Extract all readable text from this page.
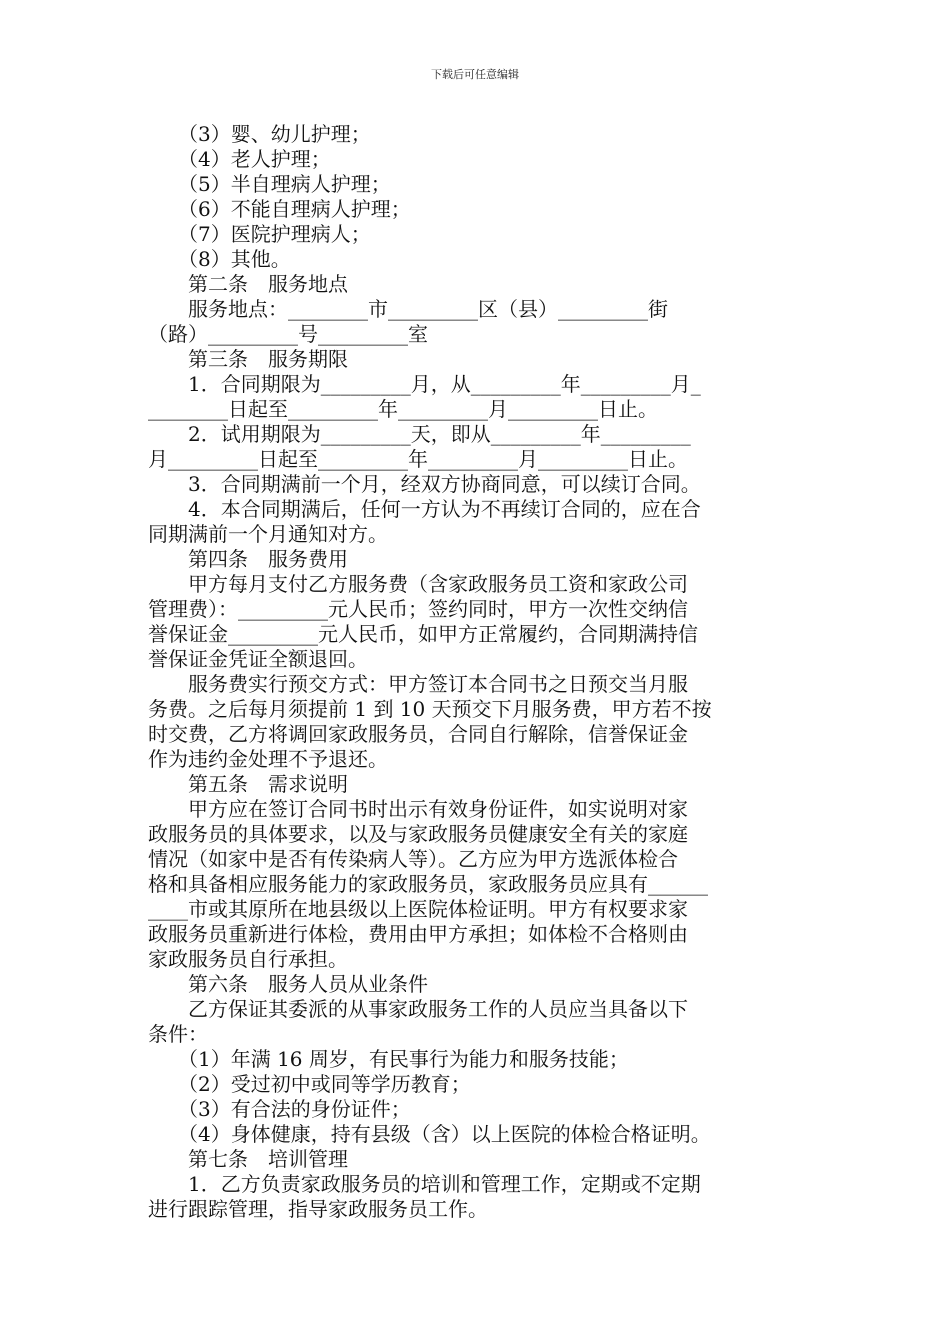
下载后可任意编辑
　　（3）婴、幼儿护理；
　　（4）老人护理；
　　（5）半自理病人护理；
　　（6）不能自理病人护理；
　　（7）医院护理病人；
　　（8）其他。
　　第二条　服务地点
　　服务地点：________市_________区（县）_________街
（路）_________号_________室
　　第三条　服务期限
　　1．合同期限为_________月，从_________年_________月_
________日起至_________年_________月_________日止。
　　2．试用期限为_________天，即从_________年_________
月_________日起至_________年_________月_________日止。
　　3．合同期满前一个月，经双方协商同意，可以续订合同。
　　4．本合同期满后，任何一方认为不再续订合同的，应在合
同期满前一个月通知对方。
　　第四条　服务费用
　　甲方每月支付乙方服务费（含家政服务员工资和家政公司
管理费）：_________元人民币；签约同时，甲方一次性交纳信
誉保证金_________元人民币，如甲方正常履约，合同期满持信
誉保证金凭证全额退回。
　　服务费实行预交方式：甲方签订本合同书之日预交当月服
务费。之后每月须提前 1 到 10 天预交下月服务费，甲方若不按
时交费，乙方将调回家政服务员，合同自行解除，信誉保证金
作为违约金处理不予退还。
　　第五条　需求说明
　　甲方应在签订合同书时出示有效身份证件，如实说明对家
政服务员的具体要求，以及与家政服务员健康安全有关的家庭
情况（如家中是否有传染病人等）。乙方应为甲方选派体检合
格和具备相应服务能力的家政服务员，家政服务员应具有______
____市或其原所在地县级以上医院体检证明。甲方有权要求家
政服务员重新进行体检，费用由甲方承担；如体检不合格则由
家政服务员自行承担。
　　第六条　服务人员从业条件
　　乙方保证其委派的从事家政服务工作的人员应当具备以下
条件：
　　（1）年满 16 周岁，有民事行为能力和服务技能；
　　（2）受过初中或同等学历教育；
　　（3）有合法的身份证件；
　　（4）身体健康，持有县级（含）以上医院的体检合格证明。
　　第七条　培训管理
　　1．乙方负责家政服务员的培训和管理工作，定期或不定期
进行跟踪管理，指导家政服务员工作。
